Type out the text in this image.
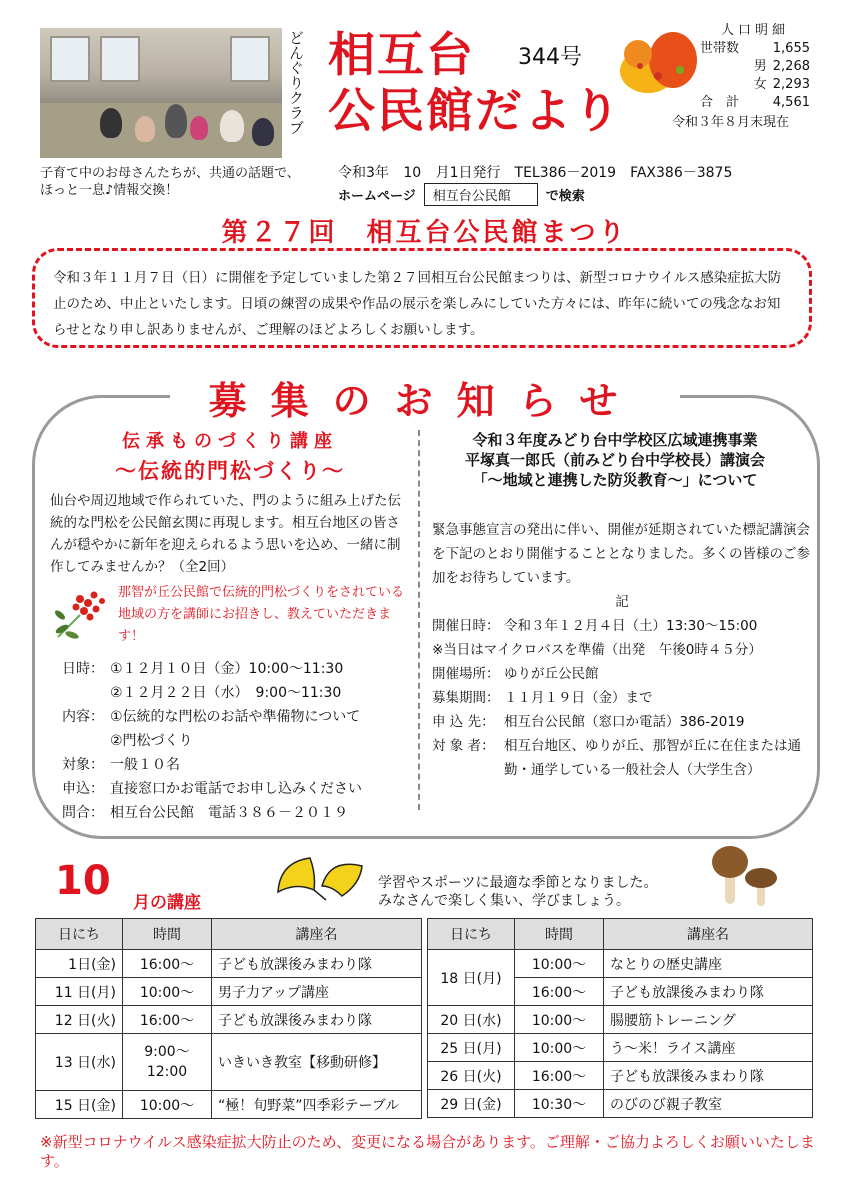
子育て中のお母さんたちが、共通の話題で、ほっと一息♪情報交換！
どんぐりクラブ 相互台
公民館だより
344号
人口明細
世帯数	1,655
男 2,268
女 2,293
合　計	4,561
令和３年８月末現在
令和3年 10 月1日発行　TEL386－2019　FAX386－3875
ホームページ	相互台公民館	で検索
第２７回　相互台公民館まつり
令和３年１１月７日（日）に開催を予定していました第２７回相互台公民館まつりは、新型コロナウイルス感染症拡大防止のため、中止といたします。日頃の練習の成果や作品の展示を楽しみにしていた方々には、昨年に続いての残念なお知らせとなり申し訳ありませんが、ご理解のほどよろしくお願いします。
募集のお知らせ
伝承ものづくり講座
～伝統的門松づくり～
仙台や周辺地域で作られていた、門のように組み上げた伝統的な門松を公民館玄関に再現します。相互台地区の皆さんが穏やかに新年を迎えられるよう思いを込め、一緒に制作してみませんか？（全2回）
那智が丘公民館で伝統的門松づくりをされている地域の方を講師にお招きし、教えていただきます！
日時： ①１２月１０日（金）10:00～11:30
②１２月２２日（水）　9:00～11:30
内容： ①伝統的な門松のお話や準備物について
②門松づくり
対象： 一般１０名
申込： 直接窓口かお電話でお申し込みください
問合： 相互台公民館　電話３８６－２０１９
令和３年度みどり台中学校区広域連携事業
平塚真一郎氏（前みどり台中学校長）講演会
「～地域と連携した防災教育～」について
緊急事態宣言の発出に伴い、開催が延期されていた標記講演会を下記のとおり開催することとなりました。多くの皆様のご参加をお待ちしています。
記
開催日時： 令和３年１２月４日（土）13:30～15:00
※当日はマイクロバスを準備（出発　午後0時４５分）
開催場所： ゆりが丘公民館
募集期間： １１月１９日（金）まで
申 込 先： 相互台公民館（窓口か電話）386-2019
対 象 者： 相互台地区、ゆりが丘、那智が丘に在住または通勤・通学している一般社会人（大学生含）
10 月の講座
学習やスポーツに最適な季節となりました。
みなさんで楽しく集い、学びましょう。
日にち	時間	講座名
1日(金)	16:00～	子ども放課後みまわり隊
11 日(月)	10:00～	男子力アップ講座
12 日(火)	16:00～	子ども放課後みまわり隊
13 日(水)	9:00～ 12:00	いきいき教室【移動研修】
15 日(金)	10:00～	“極！旬野菜”四季彩テーブル
日にち	時間	講座名
18 日(月)	10:00～	なとりの歴史講座
	16:00～	子ども放課後みまわり隊
20 日(水)	10:00～	腸腰筋トレーニング
25 日(月)	10:00～	う～米！ライス講座
26 日(火)	16:00～	子ども放課後みまわり隊
29 日(金)	10:30～	のびのび親子教室
※新型コロナウイルス感染症拡大防止のため、変更になる場合があります。ご理解・ご協力よろしくお願いいたします。
